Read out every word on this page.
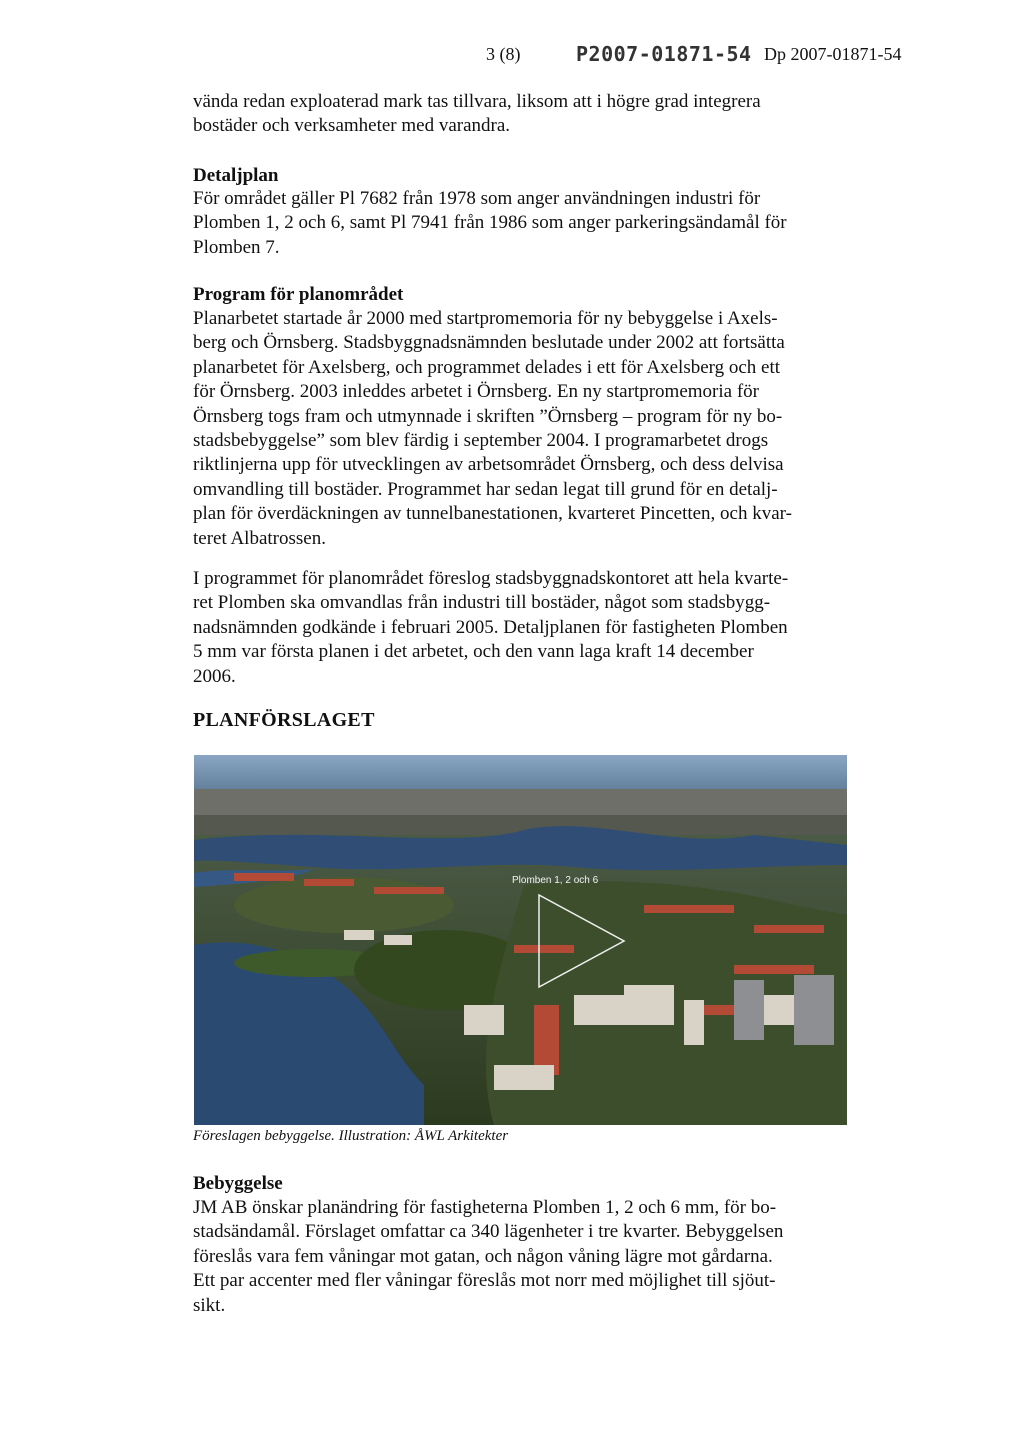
3 (8)	P2007-01871-54 Dp 2007-01871-54
vända redan exploaterad mark tas tillvara, liksom att i högre grad integrera
bostäder och verksamheter med varandra.
Detaljplan
För området gäller Pl 7682 från 1978 som anger användningen industri för
Plomben 1, 2 och 6, samt Pl 7941 från 1986 som anger parkeringsändamål för
Plomben 7.
Program för planområdet
Planarbetet startade år 2000 med startpromemoria för ny bebyggelse i Axels-
berg och Örnsberg. Stadsbyggnadsnämnden beslutade under 2002 att fortsätta
planarbetet för Axelsberg, och programmet delades i ett för Axelsberg och ett
för Örnsberg. 2003 inleddes arbetet i Örnsberg. En ny startpromemoria för
Örnsberg togs fram och utmynnade i skriften ”Örnsberg – program för ny bo-
stadsbebyggelse” som blev färdig i september 2004. I programarbetet drogs
riktlinjerna upp för utvecklingen av arbetsområdet Örnsberg, och dess delvisa
omvandling till bostäder. Programmet har sedan legat till grund för en detalj-
plan för överdäckningen av tunnelbanestationen, kvarteret Pincetten, och kvar-
teret Albatrossen.
I programmet för planområdet föreslog stadsbyggnadskontoret att hela kvarte-
ret Plomben ska omvandlas från industri till bostäder, något som stadsbygg-
nadsnämnden godkände i februari 2005. Detaljplanen för fastigheten Plomben
5 mm var första planen i det arbetet, och den vann laga kraft 14 december
2006.
PLANFÖRSLAGET
Plomben 1, 2 och 6
Föreslagen bebyggelse. Illustration: ÅWL Arkitekter
Bebyggelse
JM AB önskar planändring för fastigheterna Plomben 1, 2 och 6 mm, för bo-
stadsändamål. Förslaget omfattar ca 340 lägenheter i tre kvarter. Bebyggelsen
föreslås vara fem våningar mot gatan, och någon våning lägre mot gårdarna.
Ett par accenter med fler våningar föreslås mot norr med möjlighet till sjöut-
sikt.
